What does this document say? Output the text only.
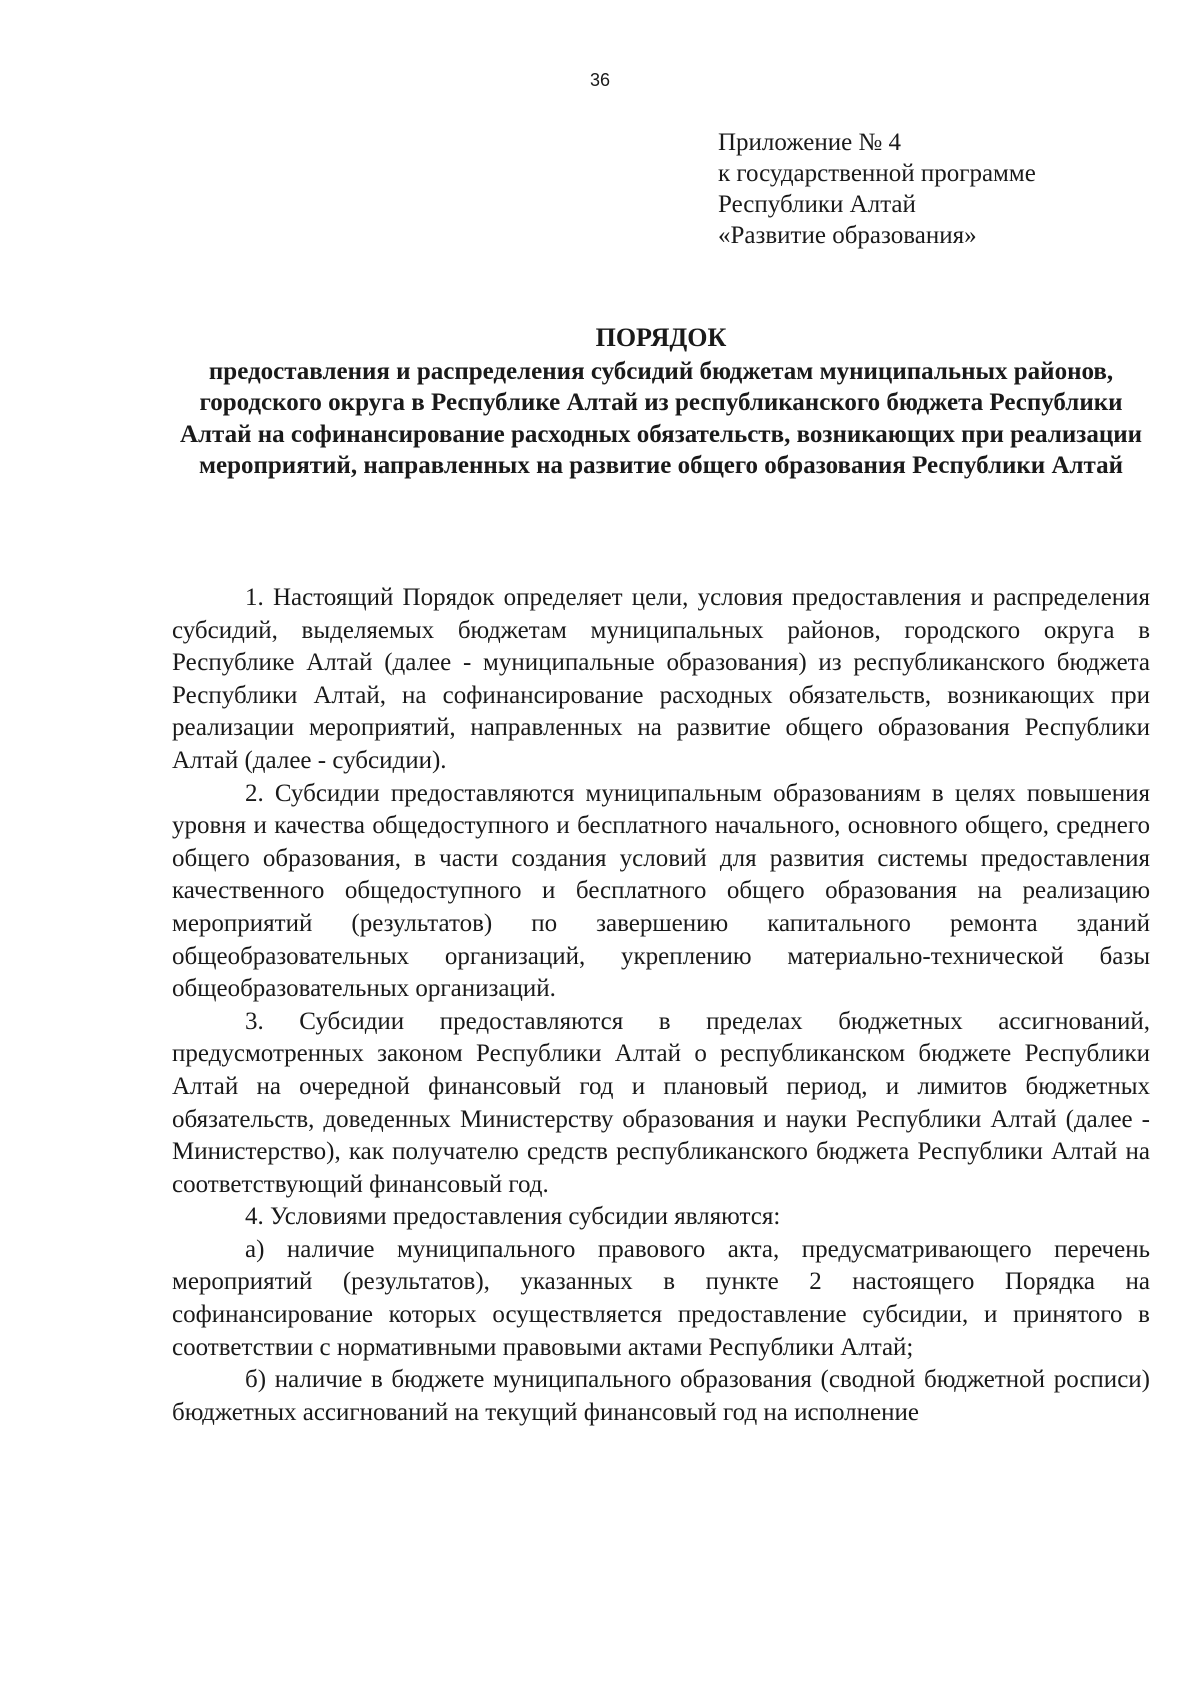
36
Приложение № 4
к государственной программе
Республики Алтай
«Развитие образования»
ПОРЯДОК
предоставления и распределения субсидий бюджетам муниципальных районов, городского округа в Республике Алтай из республиканского бюджета Республики Алтай на софинансирование расходных обязательств, возникающих при реализации мероприятий, направленных на развитие общего образования Республики Алтай

1. Настоящий Порядок определяет цели, условия предоставления и распределения субсидий, выделяемых бюджетам муниципальных районов, городского округа в Республике Алтай (далее - муниципальные образования) из республиканского бюджета Республики Алтай, на софинансирование расходных обязательств, возникающих при реализации мероприятий, направленных на развитие общего образования Республики Алтай (далее - субсидии).

2. Субсидии предоставляются муниципальным образованиям в целях повышения уровня и качества общедоступного и бесплатного начального, основного общего, среднего общего образования, в части создания условий для развития системы предоставления качественного общедоступного и бесплатного общего образования на реализацию мероприятий (результатов) по завершению капитального ремонта зданий общеобразовательных организаций, укреплению материально-технической базы общеобразовательных организаций.

3. Субсидии предоставляются в пределах бюджетных ассигнований, предусмотренных законом Республики Алтай о республиканском бюджете Республики Алтай на очередной финансовый год и плановый период, и лимитов бюджетных обязательств, доведенных Министерству образования и науки Республики Алтай (далее - Министерство), как получателю средств республиканского бюджета Республики Алтай на соответствующий финансовый год.

4. Условиями предоставления субсидии являются:

а) наличие муниципального правового акта, предусматривающего перечень мероприятий (результатов), указанных в пункте 2 настоящего Порядка на софинансирование которых осуществляется предоставление субсидии, и принятого в соответствии с нормативными правовыми актами Республики Алтай;

б) наличие в бюджете муниципального образования (сводной бюджетной росписи) бюджетных ассигнований на текущий финансовый год на исполнение
